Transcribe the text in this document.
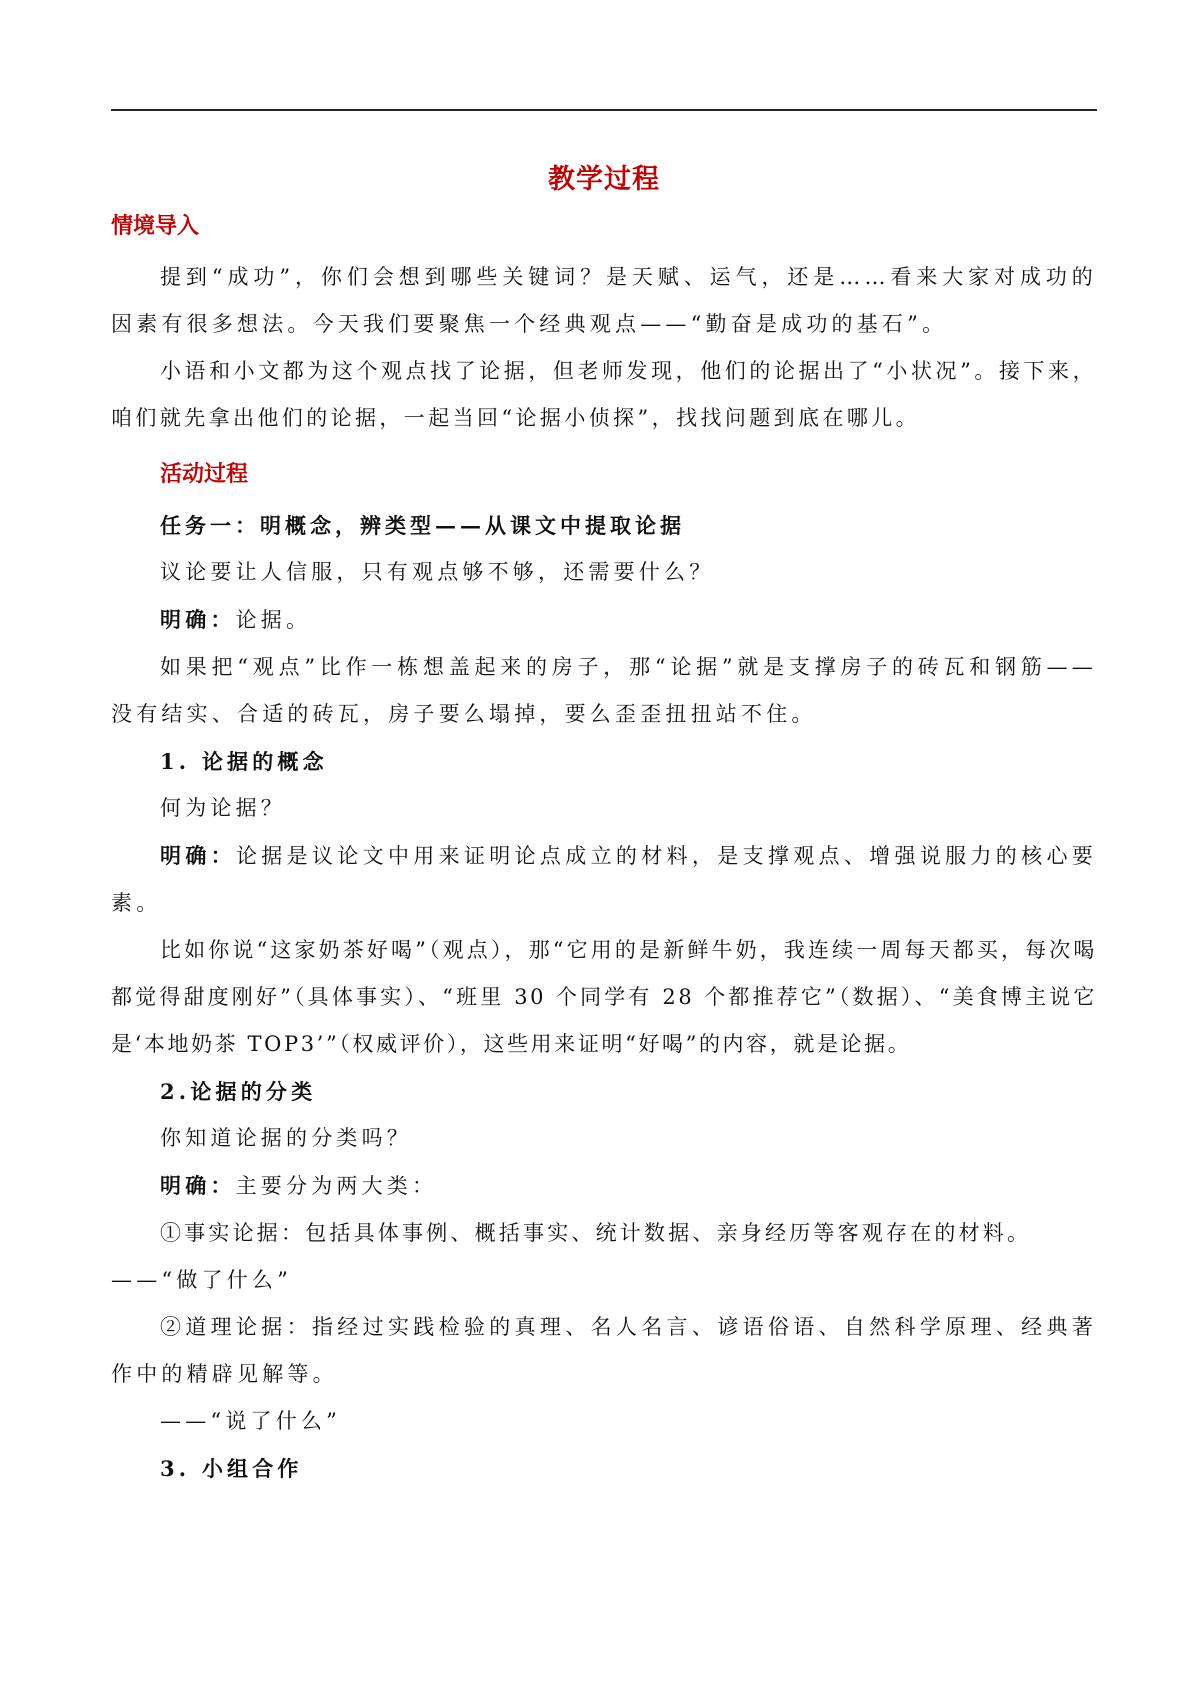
教学过程
情境导入

提到“成功”，你们会想到哪些关键词？是天赋、运气，还是……看来大家对成功的因素有很多想法。今天我们要聚焦一个经典观点——“勤奋是成功的基石”。

小语和小文都为这个观点找了论据，但老师发现，他们的论据出了“小状况”。接下来，咱们就先拿出他们的论据，一起当回“论据小侦探”，找找问题到底在哪儿。

活动过程

任务一：明概念，辨类型——从课文中提取论据

议论要让人信服，只有观点够不够，还需要什么？

明确：论据。

如果把“观点”比作一栋想盖起来的房子，那“论据”就是支撑房子的砖瓦和钢筋——没有结实、合适的砖瓦，房子要么塌掉，要么歪歪扭扭站不住。

1. 论据的概念

何为论据？

明确：论据是议论文中用来证明论点成立的材料，是支撑观点、增强说服力的核心要素。

比如你说“这家奶茶好喝”（观点），那“它用的是新鲜牛奶，我连续一周每天都买，每次喝都觉得甜度刚好”（具体事实）、“班里 30 个同学有 28 个都推荐它”（数据）、“美食博主说它是‘本地奶茶 TOP3’”（权威评价），这些用来证明“好喝”的内容，就是论据。

2.论据的分类

你知道论据的分类吗？

明确：主要分为两大类：

①事实论据：包括具体事例、概括事实、统计数据、亲身经历等客观存在的材料。

——“做了什么”

②道理论据：指经过实践检验的真理、名人名言、谚语俗语、自然科学原理、经典著作中的精辟见解等。

——“说了什么”

3. 小组合作
